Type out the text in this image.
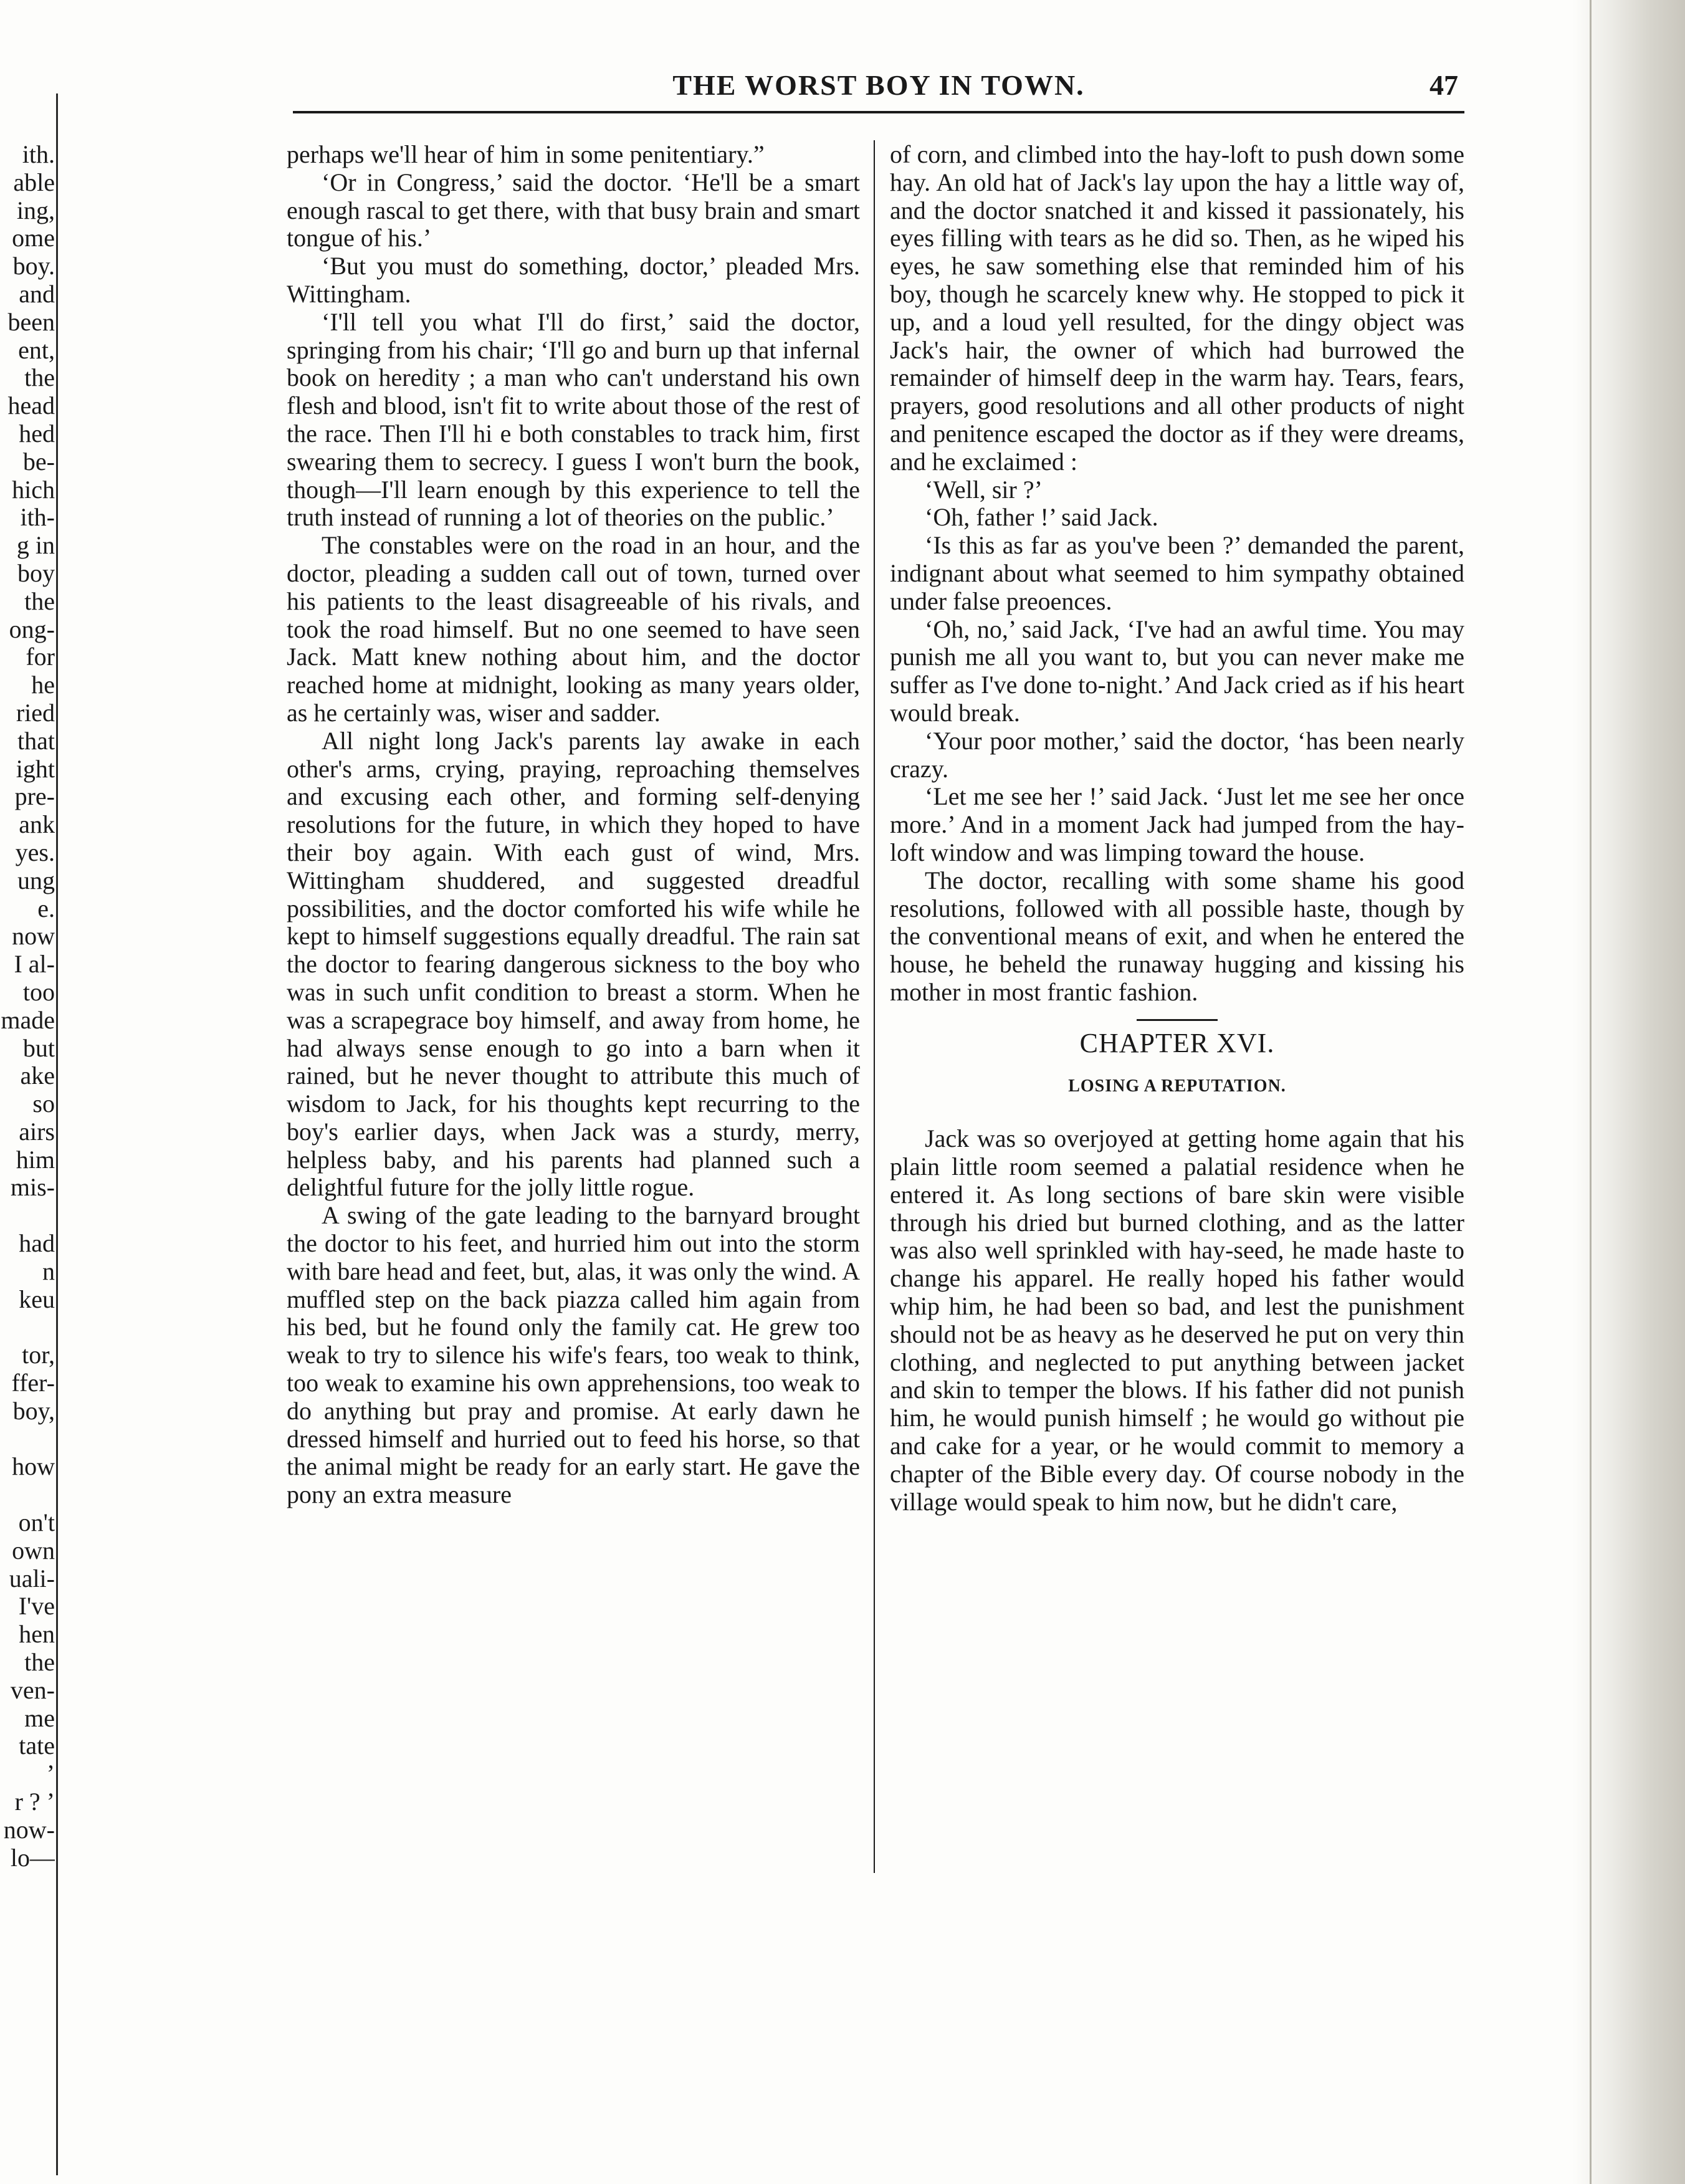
ith.
able
ing,
ome
boy.
and
been
ent,
the
head
hed
be-
hich
ith-
g in
boy
the
ong-
for
he
ried
that
ight
pre-
ank
yes.
ung
e.
now
I al-
too
made
but
ake
so
airs
him
mis-
had
n
keu
tor,
ffer-
boy,
how
on't
own
uali-
I've
hen
the
ven-
me
tate
’
r ? ’
now-
lo—
THE WORST BOY IN TOWN.	47

perhaps we'll hear of him in some penitentiary.”

‘Or in Congress,’ said the doctor. ‘He'll be a smart enough rascal to get there, with that busy brain and smart tongue of his.’

‘But you must do something, doctor,’ pleaded Mrs. Wittingham.

‘I'll tell you what I'll do first,’ said the doctor, springing from his chair; ‘I'll go and burn up that infernal book on heredity ; a man who can't understand his own flesh and blood, isn't fit to write about those of the rest of the race. Then I'll hi e both constables to track him, first swearing them to secrecy. I guess I won't burn the book, though—I'll learn enough by this experience to tell the truth instead of running a lot of theories on the public.’

The constables were on the road in an hour, and the doctor, pleading a sudden call out of town, turned over his patients to the least disagreeable of his rivals, and took the road himself. But no one seemed to have seen Jack. Matt knew nothing about him, and the doctor reached home at midnight, looking as many years older, as he certainly was, wiser and sadder.

All night long Jack's parents lay awake in each other's arms, crying, praying, reproaching themselves and excusing each other, and forming self-denying resolutions for the future, in which they hoped to have their boy again. With each gust of wind, Mrs. Wittingham shuddered, and suggested dreadful possibilities, and the doctor comforted his wife while he kept to himself suggestions equally dreadful. The rain sat the doctor to fearing dangerous sickness to the boy who was in such unfit condition to breast a storm. When he was a scrapegrace boy himself, and away from home, he had always sense enough to go into a barn when it rained, but he never thought to attribute this much of wisdom to Jack, for his thoughts kept recurring to the boy's earlier days, when Jack was a sturdy, merry, helpless baby, and his parents had planned such a delightful future for the jolly little rogue.

A swing of the gate leading to the barnyard brought the doctor to his feet, and hurried him out into the storm with bare head and feet, but, alas, it was only the wind. A muffled step on the back piazza called him again from his bed, but he found only the family cat. He grew too weak to try to silence his wife's fears, too weak to think, too weak to examine his own apprehensions, too weak to do anything but pray and promise. At early dawn he dressed himself and hurried out to feed his horse, so that the animal might be ready for an early start. He gave the pony an extra measure

of corn, and climbed into the hay-loft to push down some hay. An old hat of Jack's lay upon the hay a little way of, and the doctor snatched it and kissed it passionately, his eyes filling with tears as he did so. Then, as he wiped his eyes, he saw something else that reminded him of his boy, though he scarcely knew why. He stopped to pick it up, and a loud yell resulted, for the dingy object was Jack's hair, the owner of which had burrowed the remainder of himself deep in the warm hay. Tears, fears, prayers, good resolutions and all other products of night and penitence escaped the doctor as if they were dreams, and he exclaimed :

‘Well, sir ?’

‘Oh, father !’ said Jack.

‘Is this as far as you've been ?’ demanded the parent, indignant about what seemed to him sympathy obtained under false preoences.

‘Oh, no,’ said Jack, ‘I've had an awful time. You may punish me all you want to, but you can never make me suffer as I've done to-night.’ And Jack cried as if his heart would break.

‘Your poor mother,’ said the doctor, ‘has been nearly crazy.

‘Let me see her !’ said Jack. ‘Just let me see her once more.’ And in a moment Jack had jumped from the hay-loft window and was limping toward the house.

The doctor, recalling with some shame his good resolutions, followed with all possible haste, though by the conventional means of exit, and when he entered the house, he beheld the runaway hugging and kissing his mother in most frantic fashion.

CHAPTER XVI.
LOSING A REPUTATION.

Jack was so overjoyed at getting home again that his plain little room seemed a palatial residence when he entered it. As long sections of bare skin were visible through his dried but burned clothing, and as the latter was also well sprinkled with hay-seed, he made haste to change his apparel. He really hoped his father would whip him, he had been so bad, and lest the punishment should not be as heavy as he deserved he put on very thin clothing, and neglected to put anything between jacket and skin to temper the blows. If his father did not punish him, he would punish himself ; he would go without pie and cake for a year, or he would commit to memory a chapter of the Bible every day. Of course nobody in the village would speak to him now, but he didn't care,
